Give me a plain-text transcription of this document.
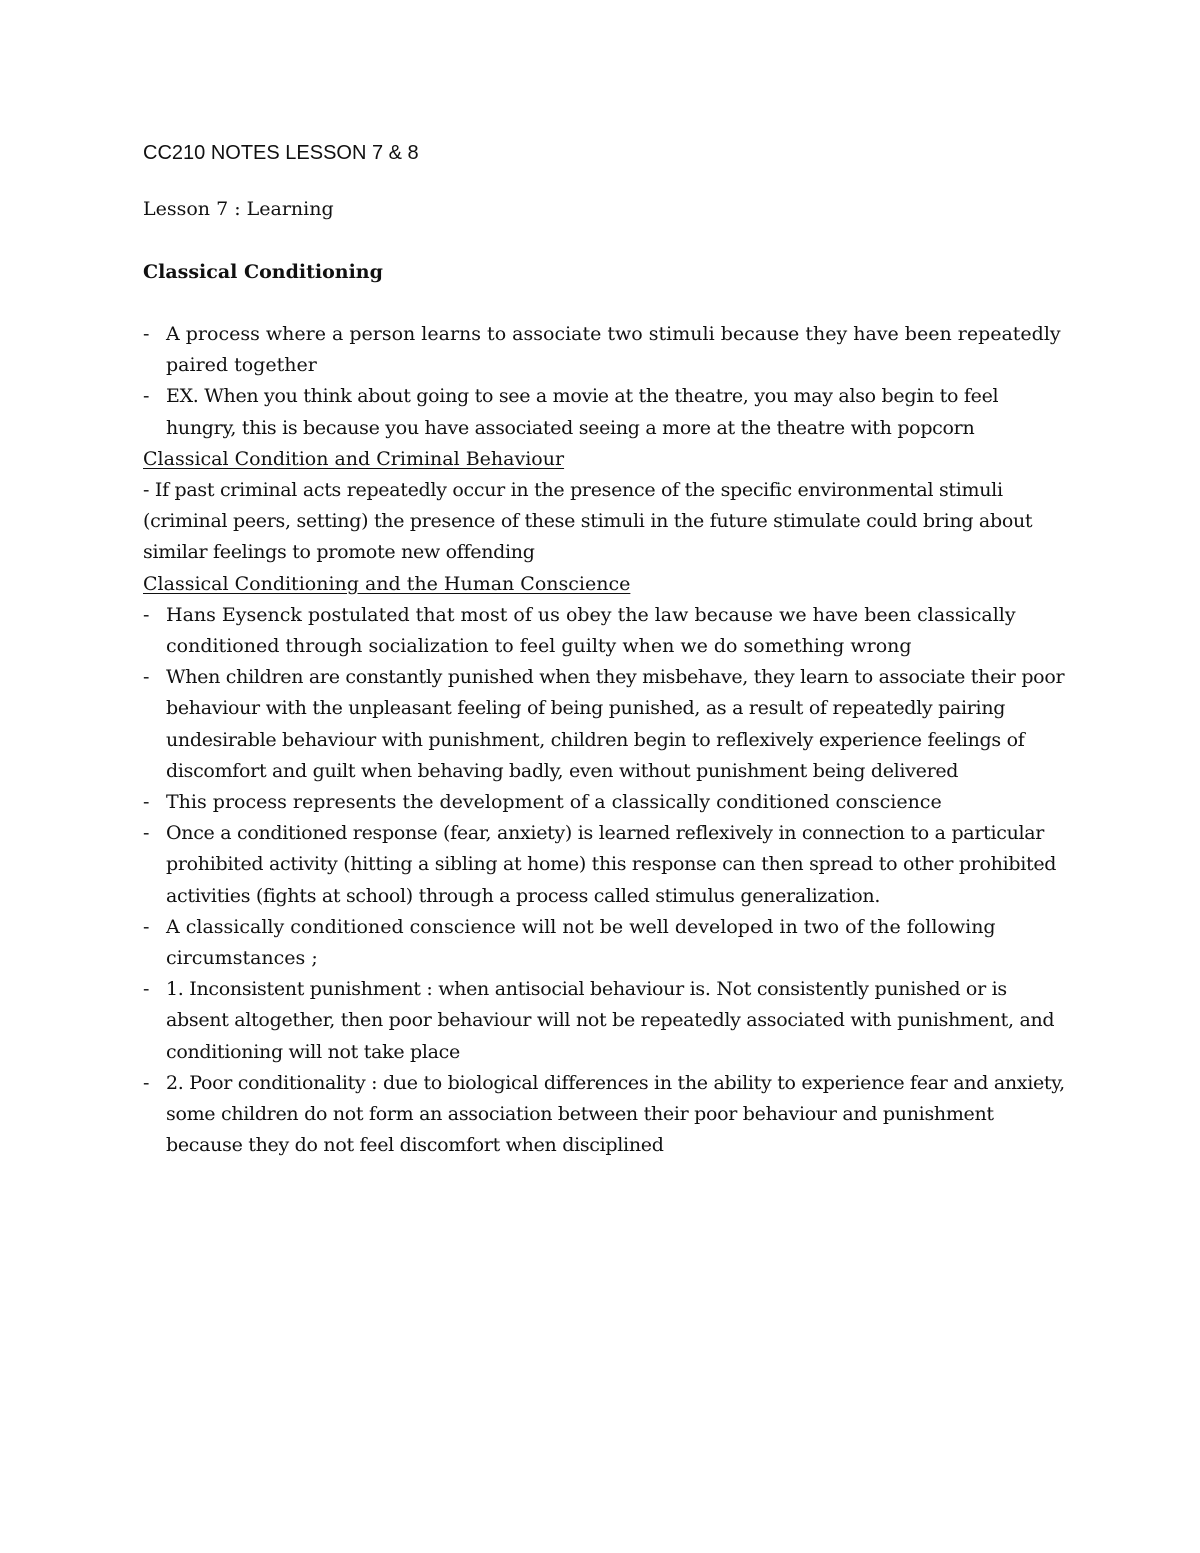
CC210 NOTES LESSON 7 & 8
Lesson 7 : Learning
Classical Conditioning
- A process where a person learns to associate two stimuli because they have been repeatedly paired together
- EX. When you think about going to see a movie at the theatre, you may also begin to feel hungry, this is because you have associated seeing a more at the theatre with popcorn
Classical Condition and Criminal Behaviour

- If past criminal acts repeatedly occur in the presence of the specific environmental stimuli (criminal peers, setting) the presence of these stimuli in the future stimulate could bring about similar feelings to promote new offending

Classical Conditioning and the Human Conscience
- Hans Eysenck postulated that most of us obey the law because we have been classically conditioned through socialization to feel guilty when we do something wrong
- When children are constantly punished when they misbehave, they learn to associate their poor behaviour with the unpleasant feeling of being punished, as a result of repeatedly pairing undesirable behaviour with punishment, children begin to reflexively experience feelings of discomfort and guilt when behaving badly, even without punishment being delivered
- This process represents the development of a classically conditioned conscience
- Once a conditioned response (fear, anxiety) is learned reflexively in connection to a particular prohibited activity (hitting a sibling at home) this response can then spread to other prohibited activities (fights at school) through a process called stimulus generalization.
- A classically conditioned conscience will not be well developed in two of the following circumstances ;
- 1. Inconsistent punishment : when antisocial behaviour is. Not consistently punished or is absent altogether, then poor behaviour will not be repeatedly associated with punishment, and conditioning will not take place
- 2. Poor conditionality : due to biological differences in the ability to experience fear and anxiety, some children do not form an association between their poor behaviour and punishment because they do not feel discomfort when disciplined
